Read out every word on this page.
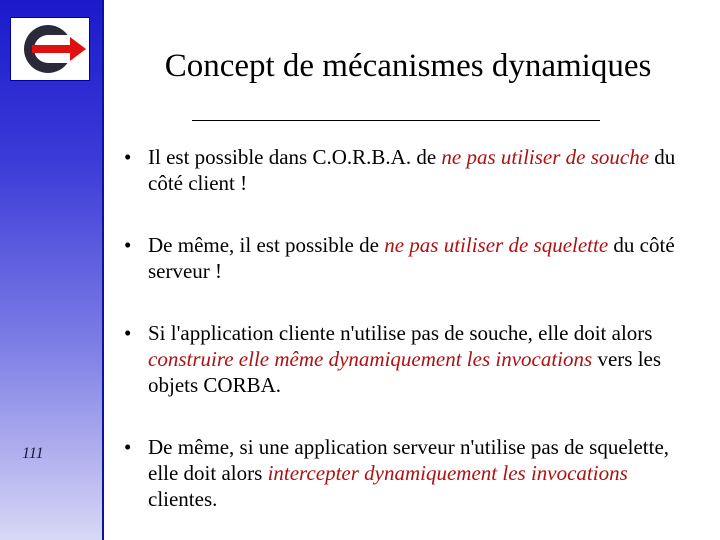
111
Concept de mécanismes dynamiques
• Il est possible dans C.O.R.B.A. de ne pas utiliser de souche du côté client !
• De même, il est possible de ne pas utiliser de squelette du côté serveur !
• Si l'application cliente n'utilise pas de souche, elle doit alors construire elle même dynamiquement les invocations vers les objets CORBA.
• De même, si une application serveur n'utilise pas de squelette, elle doit alors intercepter dynamiquement les invocations clientes.
